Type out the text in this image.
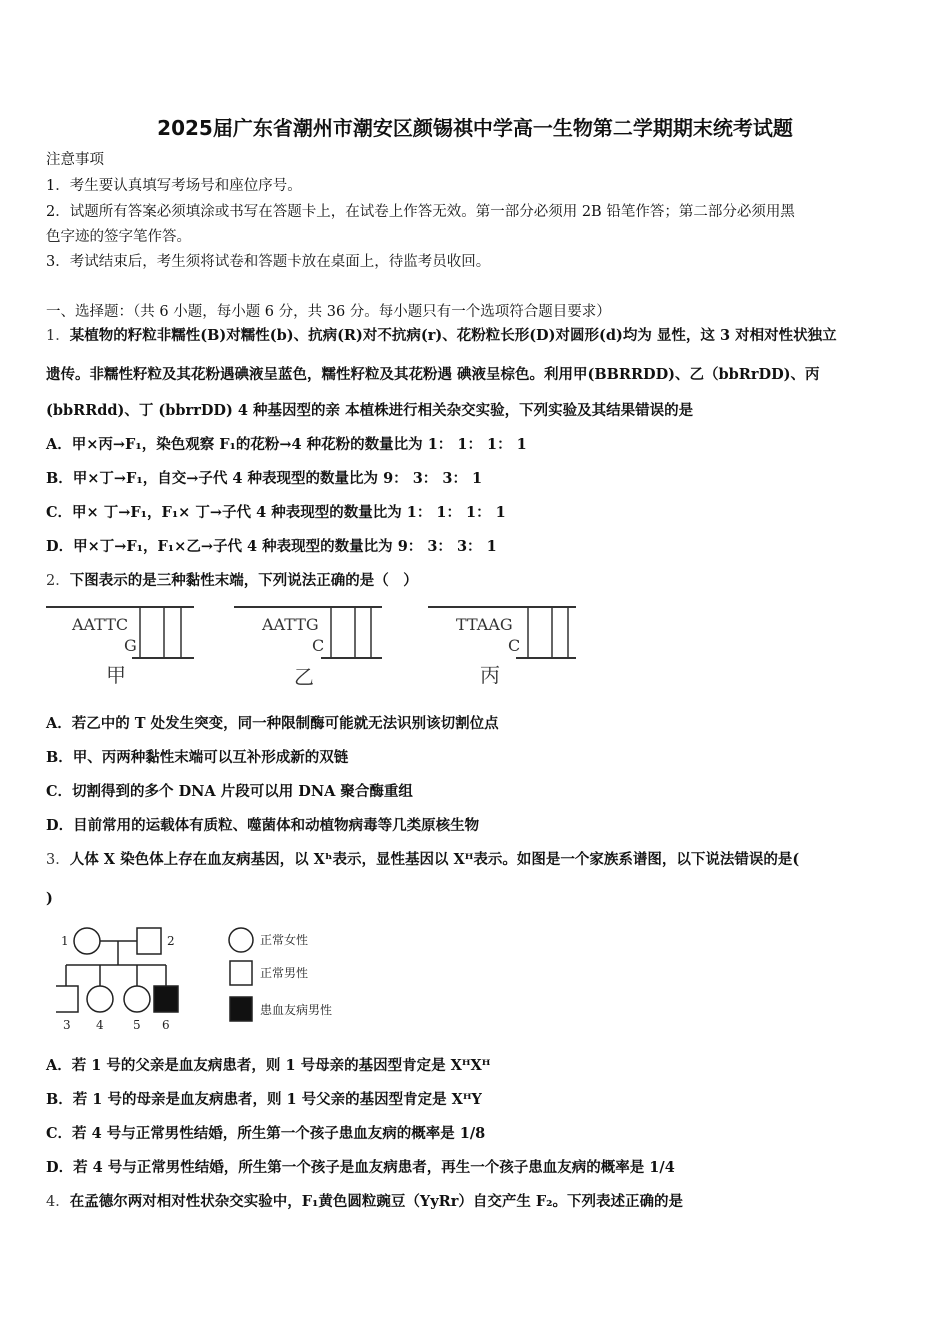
2025届广东省潮州市潮安区颜锡祺中学高一生物第二学期期末统考试题
注意事项
1．考生要认真填写考场号和座位序号。
2．试题所有答案必须填涂或书写在答题卡上，在试卷上作答无效。第一部分必须用 2B 铅笔作答；第二部分必须用黑
色字迹的签字笔作答。
3．考试结束后，考生须将试卷和答题卡放在桌面上，待监考员收回。
一、选择题：（共 6 小题，每小题 6 分，共 36 分。每小题只有一个选项符合题目要求）
1．某植物的籽粒非糯性(B)对糯性(b)、抗病(R)对不抗病(r)、花粉粒长形(D)对圆形(d)均为 显性，这 3 对相对性状独立
遗传。非糯性籽粒及其花粉遇碘液呈蓝色，糯性籽粒及其花粉遇 碘液呈棕色。利用甲(BBRRDD)、乙（bbRrDD)、丙
(bbRRdd)、丁 (bbrrDD) 4 种基因型的亲 本植株进行相关杂交实验，下列实验及其结果错误的是
A．甲×丙→F₁，染色观察 F₁的花粉→4 种花粉的数量比为 1： 1： 1： 1
B．甲×丁→F₁，自交→子代 4 种表现型的数量比为 9： 3： 3： 1
C．甲× 丁→F₁，F₁× 丁→子代 4 种表现型的数量比为 1： 1： 1： 1
D．甲×丁→F₁，F₁×乙→子代 4 种表现型的数量比为 9： 3： 3： 1
2．下图表示的是三种黏性末端，下列说法正确的是（　）
AATTC
G
甲
AATTG
C
乙
TTAAG
C
丙
A．若乙中的 T 处发生突变，同一种限制酶可能就无法识别该切割位点
B．甲、丙两种黏性末端可以互补形成新的双链
C．切割得到的多个 DNA 片段可以用 DNA 聚合酶重组
D．目前常用的运载体有质粒、噬菌体和动植物病毒等几类原核生物
3．人体 X 染色体上存在血友病基因，以 Xʰ表示，显性基因以 Xᴴ表示。如图是一个家族系谱图，以下说法错误的是(
)
1	2
3 4 5 6
正常女性
正常男性
患血友病男性
A．若 1 号的父亲是血友病患者，则 1 号母亲的基因型肯定是 XᴴXᴴ
B．若 1 号的母亲是血友病患者，则 1 号父亲的基因型肯定是 XᴴY
C．若 4 号与正常男性结婚，所生第一个孩子患血友病的概率是 1/8
D．若 4 号与正常男性结婚，所生第一个孩子是血友病患者，再生一个孩子患血友病的概率是 1/4
4．在孟德尔两对相对性状杂交实验中，F₁黄色圆粒豌豆（YyRr）自交产生 F₂。下列表述正确的是
